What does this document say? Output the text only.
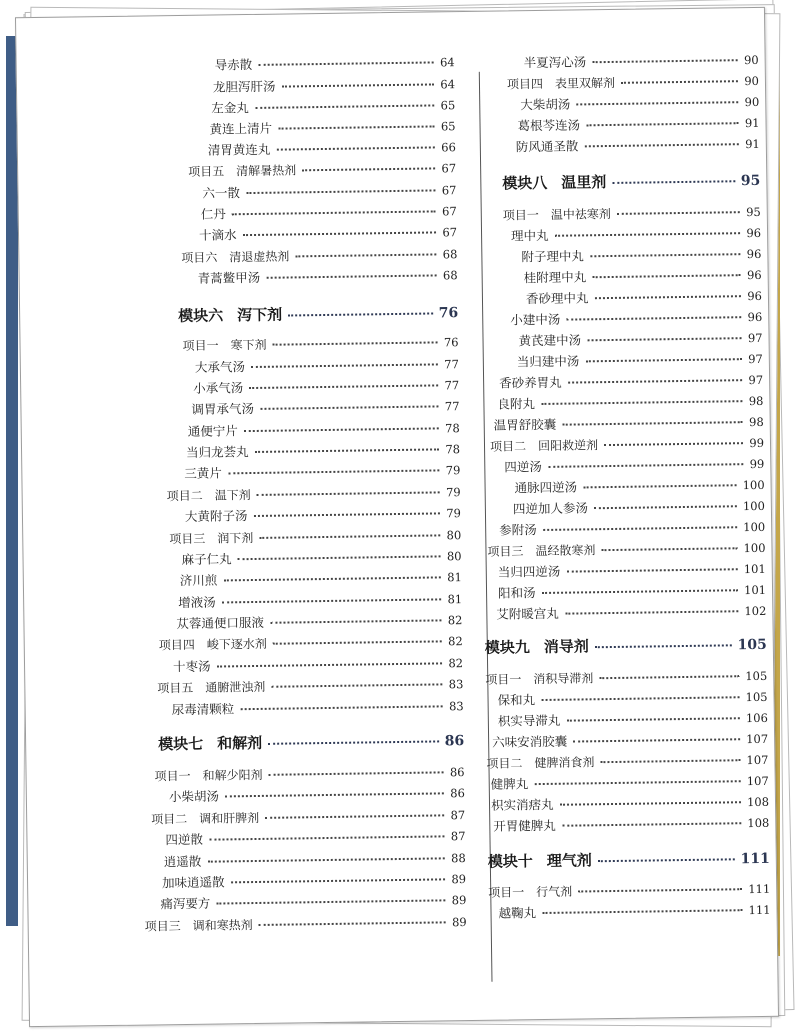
导赤散	64
龙胆泻肝汤	64
左金丸	65
黄连上清片	65
清胃黄连丸	66
项目五　清解暑热剂	67
六一散	67
仁丹	67
十滴水	67
项目六　清退虚热剂	68
青蒿鳖甲汤	68
模块六 泻下剂	76
项目一　寒下剂	76
大承气汤	77
小承气汤	77
调胃承气汤	77
通便宁片	78
当归龙荟丸	78
三黄片	79
项目二　温下剂	79
大黄附子汤	79
项目三　润下剂	80
麻子仁丸	80
济川煎	81
增液汤	81
苁蓉通便口服液	82
项目四　峻下逐水剂	82
十枣汤	82
项目五　通腑泄浊剂	83
尿毒清颗粒	83
模块七 和解剂	86
项目一　和解少阳剂	86
小柴胡汤	86
项目二　调和肝脾剂	87
四逆散	87
逍遥散	88
加味逍遥散	89
痛泻要方	89
项目三　调和寒热剂	89
半夏泻心汤	90
项目四　表里双解剂	90
大柴胡汤	90
葛根芩连汤	91
防风通圣散	91
模块八 温里剂	95
项目一　温中祛寒剂	95
理中丸	96
附子理中丸	96
桂附理中丸	96
香砂理中丸	96
小建中汤	96
黄芪建中汤	97
当归建中汤	97
香砂养胃丸	97
良附丸	98
温胃舒胶囊	98
项目二　回阳救逆剂	99
四逆汤	99
通脉四逆汤	100
四逆加人参汤	100
参附汤	100
项目三　温经散寒剂	100
当归四逆汤	101
阳和汤	101
艾附暖宫丸	102
模块九 消导剂	105
项目一　消积导滞剂	105
保和丸	105
枳实导滞丸	106
六味安消胶囊	107
项目二　健脾消食剂	107
健脾丸	107
枳实消痞丸	108
开胃健脾丸	108
模块十 理气剂	111
项目一　行气剂	111
越鞠丸	111
